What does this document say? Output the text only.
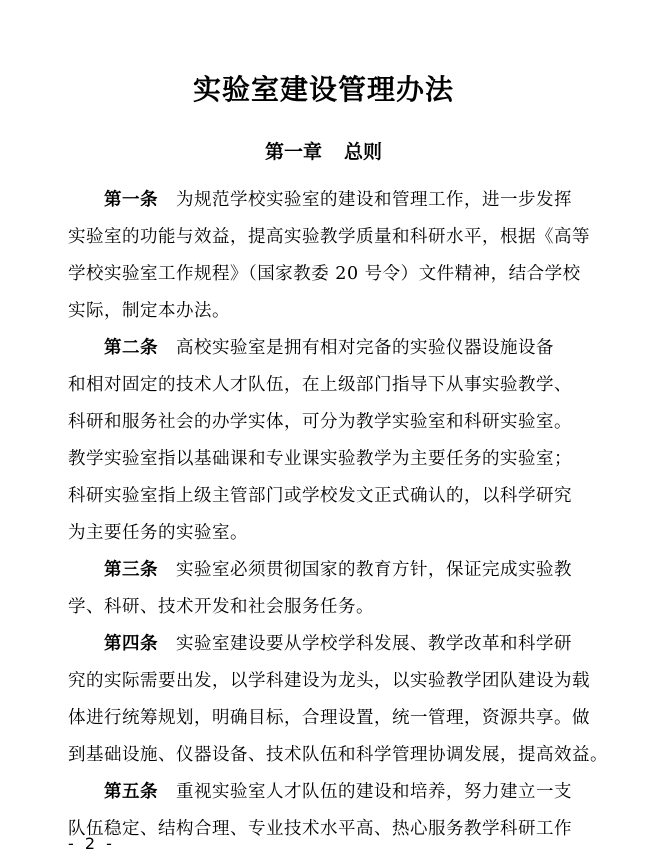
实验室建设管理办法
第一章 总则
第一条 为规范学校实验室的建设和管理工作，进一步发挥
实验室的功能与效益，提高实验教学质量和科研水平，根据《高等
学校实验室工作规程》（国家教委 20 号令）文件精神，结合学校
实际，制定本办法。
第二条 高校实验室是拥有相对完备的实验仪器设施设备
和相对固定的技术人才队伍，在上级部门指导下从事实验教学、
科研和服务社会的办学实体，可分为教学实验室和科研实验室。
教学实验室指以基础课和专业课实验教学为主要任务的实验室；
科研实验室指上级主管部门或学校发文正式确认的，以科学研究
为主要任务的实验室。
第三条 实验室必须贯彻国家的教育方针，保证完成实验教
学、科研、技术开发和社会服务任务。
第四条 实验室建设要从学校学科发展、教学改革和科学研
究的实际需要出发，以学科建设为龙头，以实验教学团队建设为载
体进行统筹规划，明确目标，合理设置，统一管理，资源共享。做
到基础设施、仪器设备、技术队伍和科学管理协调发展，提高效益。
第五条 重视实验室人才队伍的建设和培养，努力建立一支
队伍稳定、结构合理、专业技术水平高、热心服务教学科研工作
- 2 -
